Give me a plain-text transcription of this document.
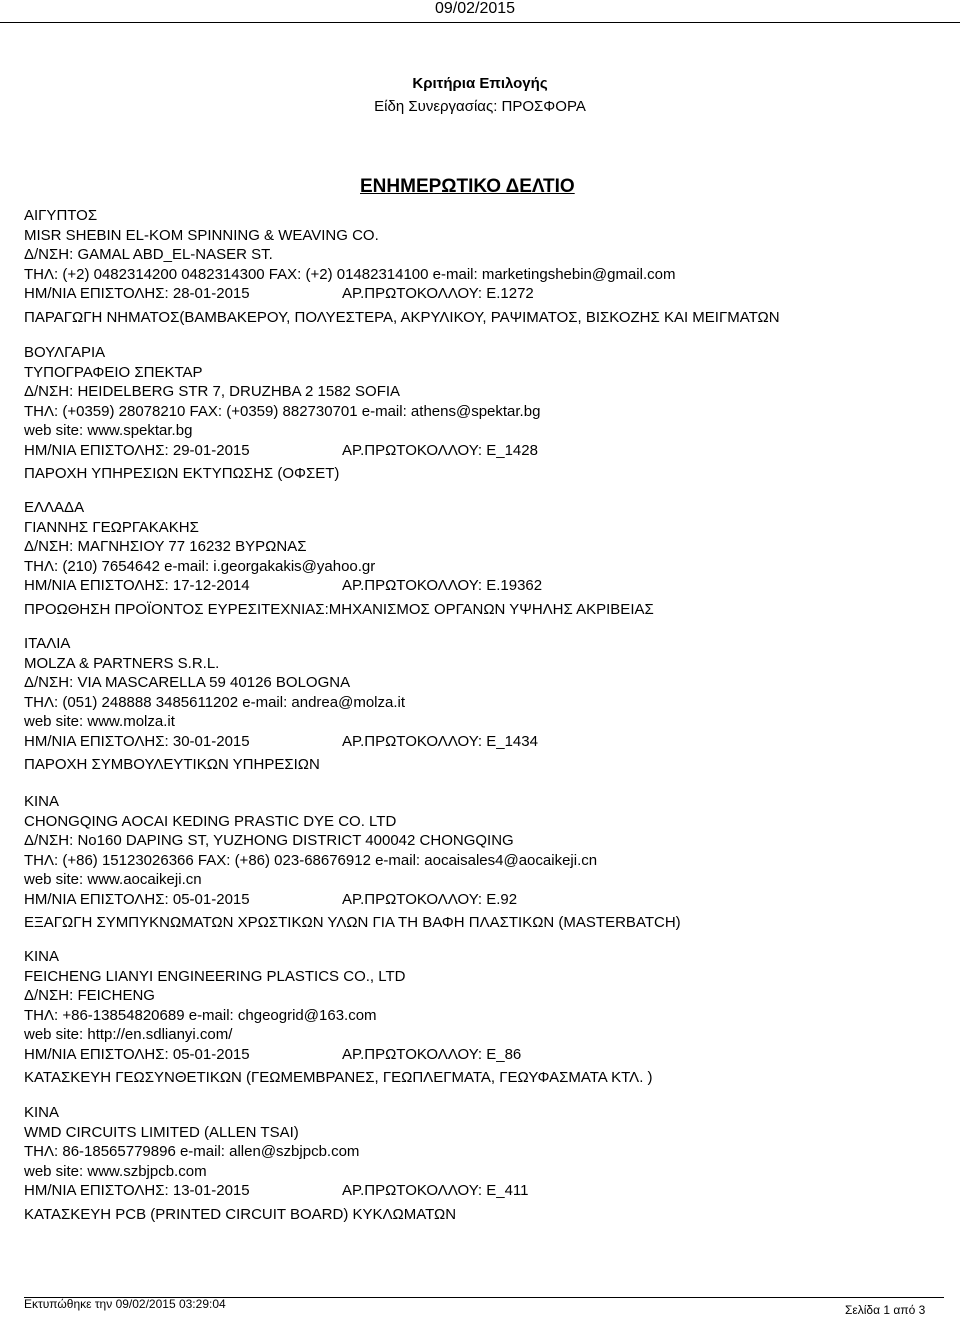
09/02/2015
Κριτήρια Επιλογής
Είδη Συνεργασίας: ΠΡΟΣΦΟΡΑ
ΕΝΗΜΕΡΩΤΙΚΟ ΔΕΛΤΙΟ
ΑΙΓΥΠΤΟΣ
MISR SHEBIN EL-KOM SPINNING & WEAVING CO.
Δ/ΝΣΗ: GAMAL ABD_EL-NASER ST.
ΤΗΛ: (+2) 0482314200 0482314300 FAX: (+2) 01482314100 e-mail: marketingshebin@gmail.com
ΗΜ/ΝΙΑ ΕΠΙΣΤΟΛΗΣ: 28-01-2015	ΑΡ.ΠΡΩΤΟΚΟΛΛΟΥ: Ε.1272
ΠΑΡΑΓΩΓΗ ΝΗΜΑΤΟΣ(ΒΑΜΒΑΚΕΡΟΥ, ΠΟΛΥΕΣΤΕΡΑ, ΑΚΡΥΛΙΚΟΥ, ΡΑΨΙΜΑΤΟΣ, ΒΙΣΚΟΖΗΣ ΚΑΙ ΜΕΙΓΜΑΤΩΝ
ΒΟΥΛΓΑΡΙΑ
ΤΥΠΟΓΡΑΦΕΙΟ ΣΠΕΚΤΑΡ
Δ/ΝΣΗ: HEIDELBERG STR 7, DRUZHBA 2 1582 SOFIA
ΤΗΛ: (+0359) 28078210 FAX: (+0359) 882730701 e-mail: athens@spektar.bg
web site: www.spektar.bg
ΗΜ/ΝΙΑ ΕΠΙΣΤΟΛΗΣ: 29-01-2015	ΑΡ.ΠΡΩΤΟΚΟΛΛΟΥ: Ε_1428
ΠΑΡΟΧΗ ΥΠΗΡΕΣΙΩΝ ΕΚΤΥΠΩΣΗΣ (ΟΦΣΕΤ)
ΕΛΛΑΔΑ
ΓΙΑΝΝΗΣ ΓΕΩΡΓΑΚΑΚΗΣ
Δ/ΝΣΗ: ΜΑΓΝΗΣΙΟΥ 77 16232 ΒΥΡΩΝΑΣ
ΤΗΛ: (210) 7654642 e-mail: i.georgakakis@yahoo.gr
ΗΜ/ΝΙΑ ΕΠΙΣΤΟΛΗΣ: 17-12-2014	ΑΡ.ΠΡΩΤΟΚΟΛΛΟΥ: Ε.19362
ΠΡΟΩΘΗΣΗ ΠΡΟΪΟΝΤΟΣ ΕΥΡΕΣΙΤΕΧΝΙΑΣ:ΜΗΧΑΝΙΣΜΟΣ ΟΡΓΑΝΩΝ ΥΨΗΛΗΣ ΑΚΡΙΒΕΙΑΣ
ΙΤΑΛΙΑ
MOLZA & PARTNERS S.R.L.
Δ/ΝΣΗ: VIA MASCARELLA 59 40126 BOLOGNA
ΤΗΛ: (051) 248888 3485611202 e-mail: andrea@molza.it
web site: www.molza.it
ΗΜ/ΝΙΑ ΕΠΙΣΤΟΛΗΣ: 30-01-2015	ΑΡ.ΠΡΩΤΟΚΟΛΛΟΥ: Ε_1434
ΠΑΡΟΧΗ ΣΥΜΒΟΥΛΕΥΤΙΚΩΝ ΥΠΗΡΕΣΙΩΝ
ΚΙΝΑ
CHONGQING AOCAI KEDING PRASTIC DYE CO. LTD
Δ/ΝΣΗ: No160 DAPING ST, YUZHONG DISTRICT 400042 CHONGQING
ΤΗΛ: (+86) 15123026366 FAX: (+86) 023-68676912 e-mail: aocaisales4@aocaikeji.cn
web site: www.aocaikeji.cn
ΗΜ/ΝΙΑ ΕΠΙΣΤΟΛΗΣ: 05-01-2015	ΑΡ.ΠΡΩΤΟΚΟΛΛΟΥ: Ε.92
ΕΞΑΓΩΓΗ ΣΥΜΠΥΚΝΩΜΑΤΩΝ ΧΡΩΣΤΙΚΩΝ ΥΛΩΝ ΓΙΑ ΤΗ ΒΑΦΗ ΠΛΑΣΤΙΚΩΝ (MASTERBATCH)
ΚΙΝΑ
FEICHENG LIANYI ENGINEERING PLASTICS CO., LTD
Δ/ΝΣΗ: FEICHENG
ΤΗΛ: +86-13854820689 e-mail: chgeogrid@163.com
web site: http://en.sdlianyi.com/
ΗΜ/ΝΙΑ ΕΠΙΣΤΟΛΗΣ: 05-01-2015	ΑΡ.ΠΡΩΤΟΚΟΛΛΟΥ: Ε_86
ΚΑΤΑΣΚΕΥΗ ΓΕΩΣΥΝΘΕΤΙΚΩΝ (ΓΕΩΜΕΜΒΡΑΝΕΣ, ΓΕΩΠΛΕΓΜΑΤΑ, ΓΕΩΥΦΑΣΜΑΤΑ ΚΤΛ. )
ΚΙΝΑ
WMD CIRCUITS LIMITED (ALLEN TSAI)
ΤΗΛ: 86-18565779896 e-mail: allen@szbjpcb.com
web site: www.szbjpcb.com
ΗΜ/ΝΙΑ ΕΠΙΣΤΟΛΗΣ: 13-01-2015	ΑΡ.ΠΡΩΤΟΚΟΛΛΟΥ: Ε_411
ΚΑΤΑΣΚΕΥΗ PCB (PRINTED CIRCUIT BOARD) ΚΥΚΛΩΜΑΤΩΝ
Εκτυπώθηκε την 09/02/2015 03:29:04	Σελίδα 1 από 3
